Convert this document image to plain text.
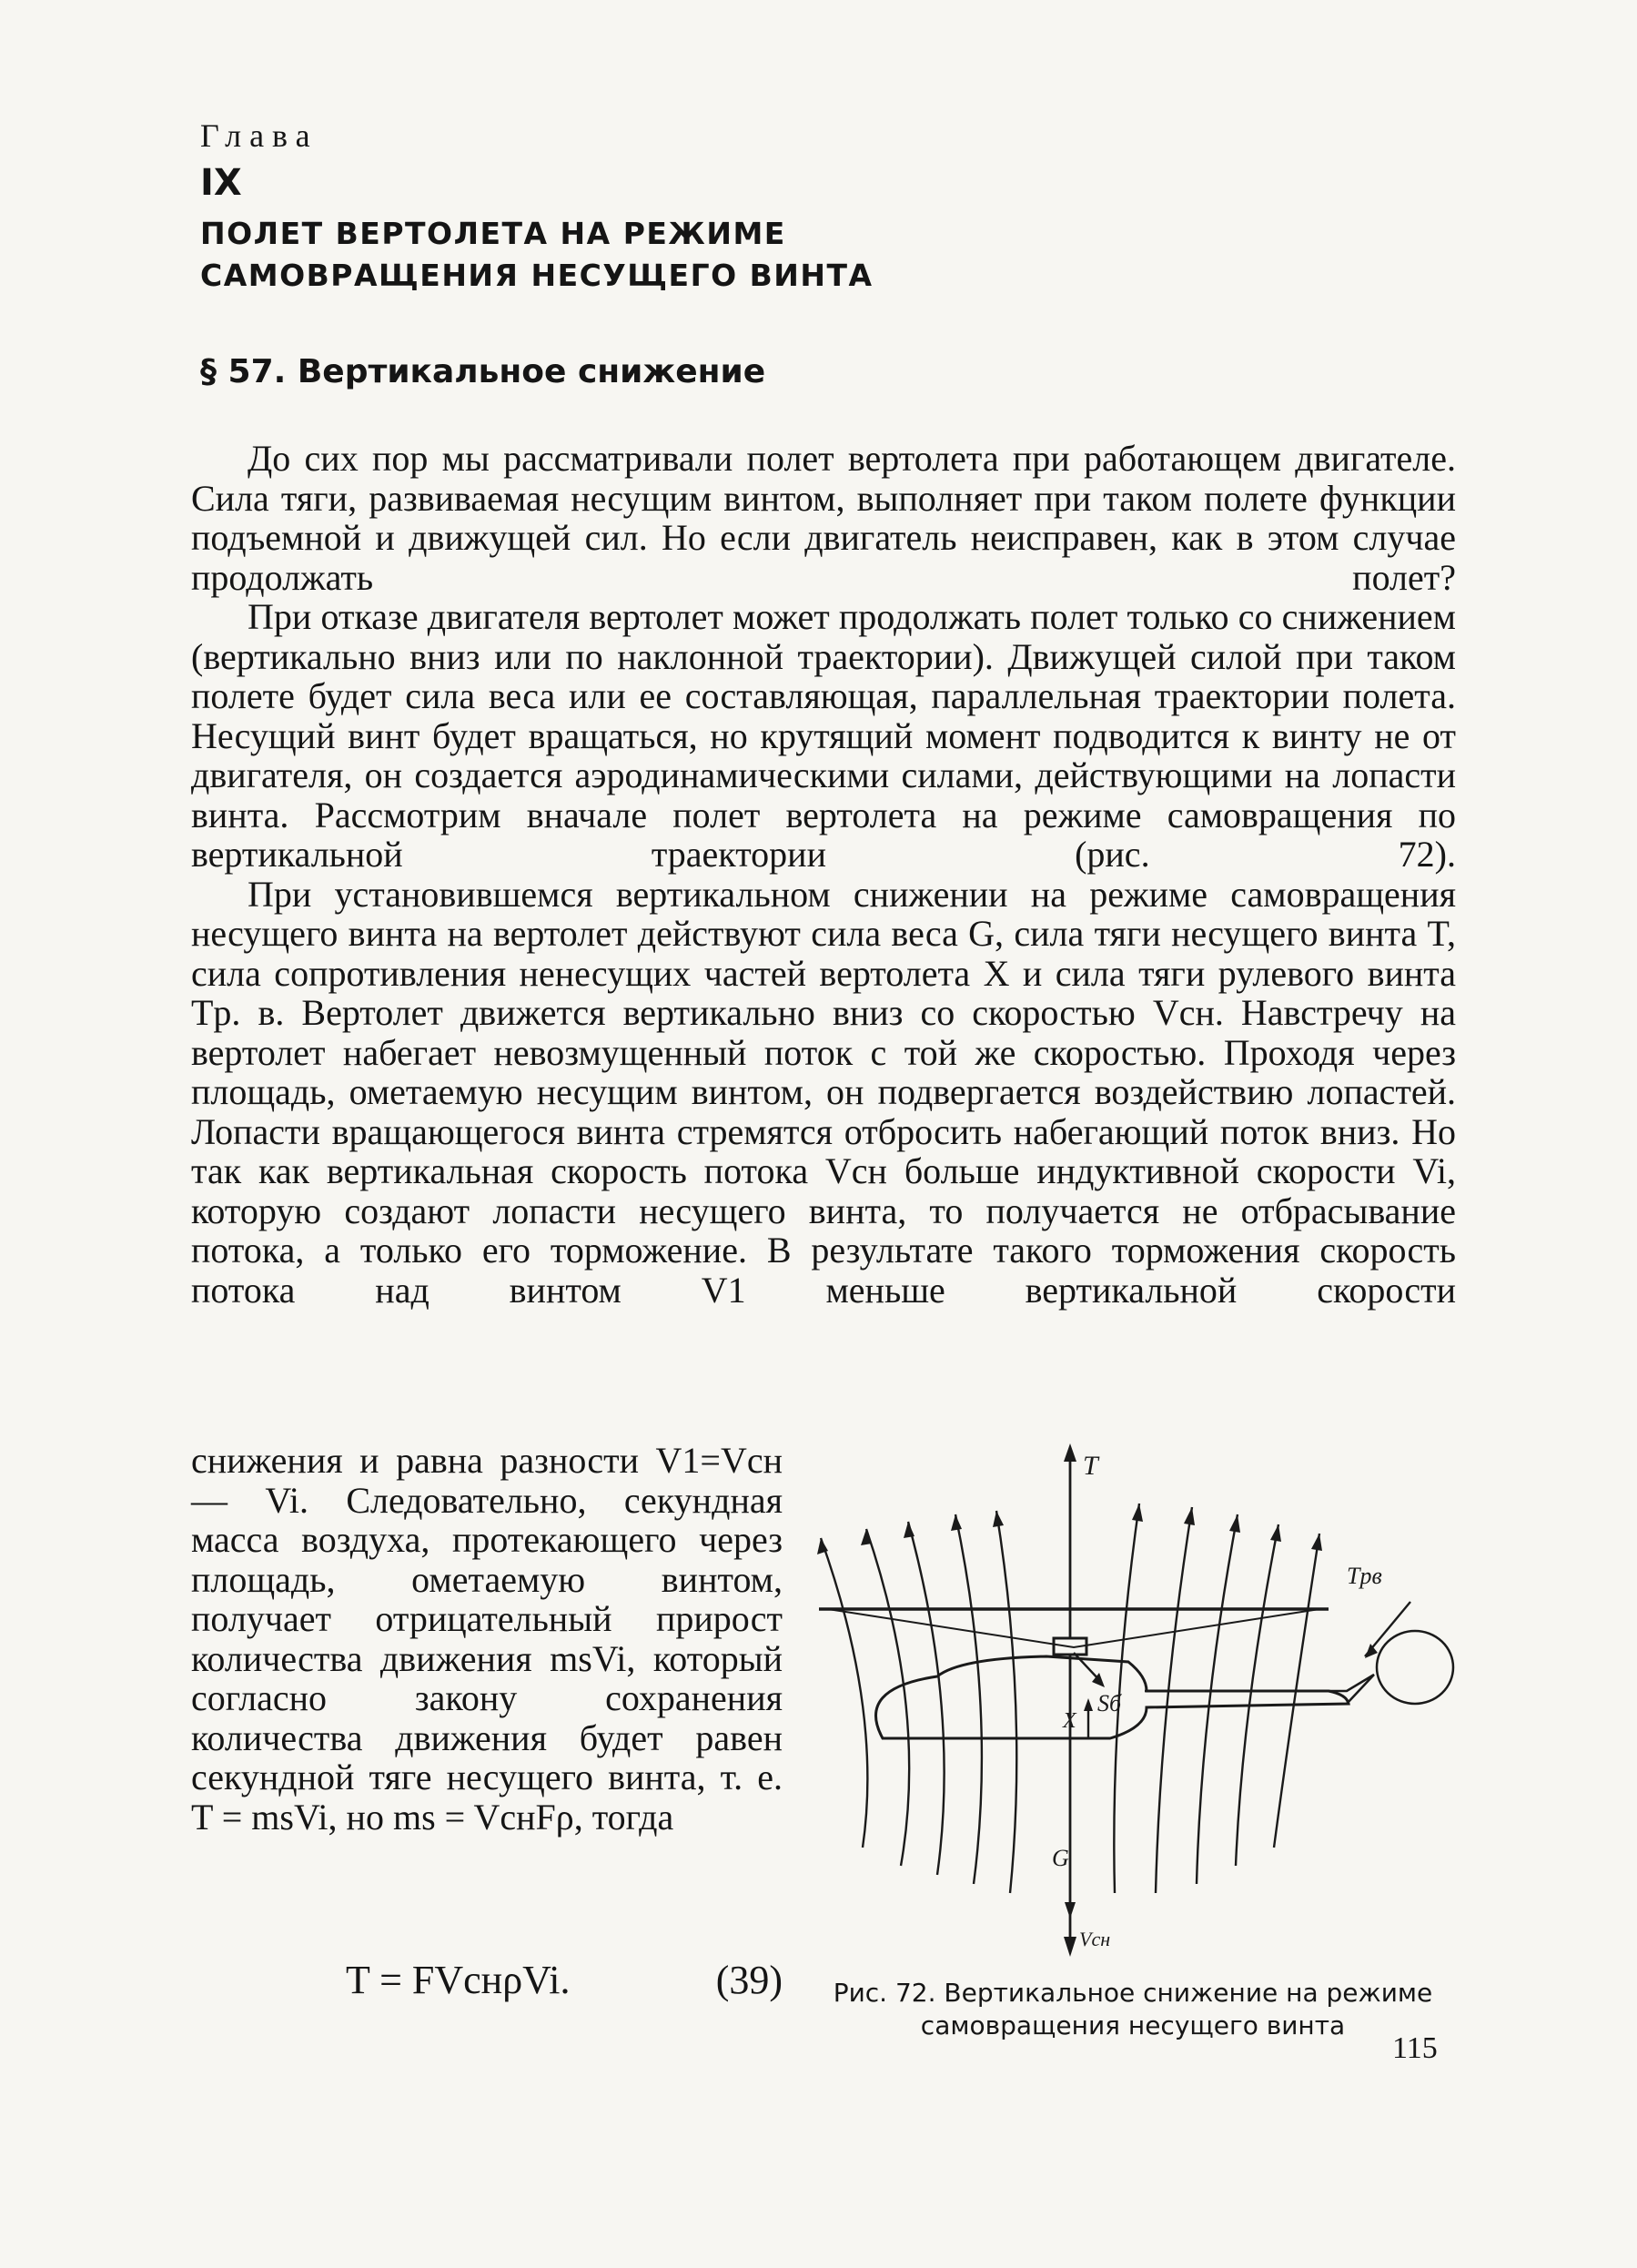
Глава
IX
ПОЛЕТ ВЕРТОЛЕТА НА РЕЖИМЕ
САМОВРАЩЕНИЯ НЕСУЩЕГО ВИНТА
§ 57. Вертикальное снижение

До сих пор мы рассматривали полет вертолета при работающем двигателе. Сила тяги, развиваемая несущим винтом, выполняет при таком полете функции подъемной и движущей сил. Но если двигатель неисправен, как в этом случае продолжать полет?

При отказе двигателя вертолет может продолжать полет только со снижением (вертикально вниз или по наклонной траектории). Движущей силой при таком полете будет сила веса или ее составляющая, параллельная траектории полета. Несущий винт будет вращаться, но крутящий момент подводится к винту не от двигателя, он создается аэродинамическими силами, действующими на лопасти винта. Рассмотрим вначале полет вертолета на режиме самовращения по вертикальной траектории (рис. 72).

При установившемся вертикальном снижении на режиме самовращения несущего винта на вертолет действуют сила веса G, сила тяги несущего винта T, сила сопротивления ненесущих частей вертолета X и сила тяги рулевого винта Tр. в. Вертолет движется вертикально вниз со скоростью Vсн. Навстречу на вертолет набегает невозмущенный поток с той же скоростью. Проходя через площадь, ометаемую несущим винтом, он подвергается воздействию лопастей. Лопасти вращающегося винта стремятся отбросить набегающий поток вниз. Но так как вертикальная скорость потока Vсн больше индуктивной скорости Vi, которую создают лопасти несущего винта, то получается не отбрасывание потока, а только его торможение. В результате такого торможения скорость потока над винтом V1 меньше вертикальной скорости

снижения и равна разности V1=Vсн — Vi. Следовательно, секундная масса воздуха, протекающего через площадь, ометаемую винтом, получает отрицательный прирост количества движения msVi, который согласно закону сохранения количества движения будет равен секундной тяге несущего винта, т. е. T = msVi, но ms = VснFρ, тогда

T = FVснρVi.	(39)
T
Tрв
X
Sб
G
Vсн
Рис. 72. Вертикальное снижение на режиме самовращения несущего винта
115
